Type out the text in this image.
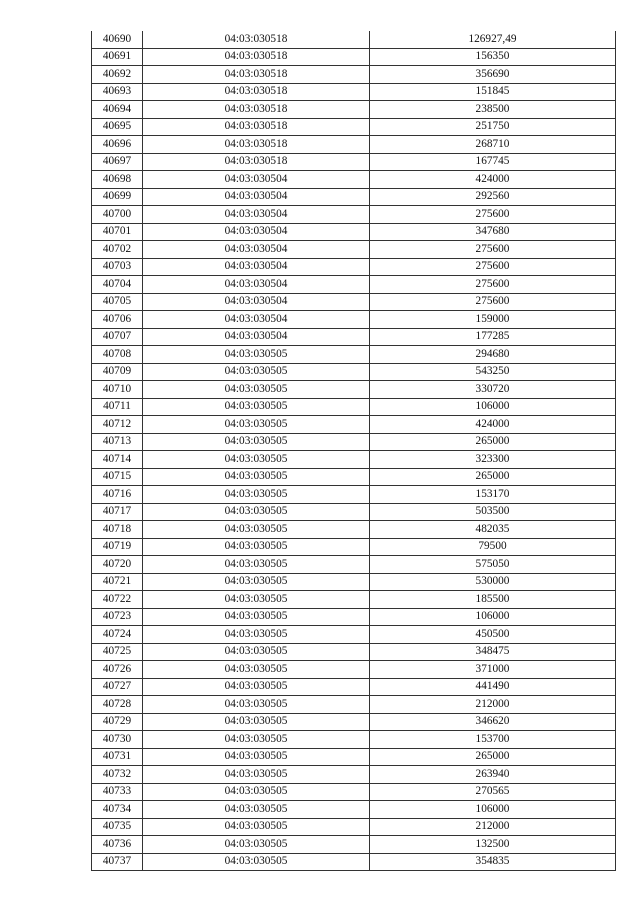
40690	04:03:030518	126927,49
40691	04:03:030518	156350
40692	04:03:030518	356690
40693	04:03:030518	151845
40694	04:03:030518	238500
40695	04:03:030518	251750
40696	04:03:030518	268710
40697	04:03:030518	167745
40698	04:03:030504	424000
40699	04:03:030504	292560
40700	04:03:030504	275600
40701	04:03:030504	347680
40702	04:03:030504	275600
40703	04:03:030504	275600
40704	04:03:030504	275600
40705	04:03:030504	275600
40706	04:03:030504	159000
40707	04:03:030504	177285
40708	04:03:030505	294680
40709	04:03:030505	543250
40710	04:03:030505	330720
40711	04:03:030505	106000
40712	04:03:030505	424000
40713	04:03:030505	265000
40714	04:03:030505	323300
40715	04:03:030505	265000
40716	04:03:030505	153170
40717	04:03:030505	503500
40718	04:03:030505	482035
40719	04:03:030505	79500
40720	04:03:030505	575050
40721	04:03:030505	530000
40722	04:03:030505	185500
40723	04:03:030505	106000
40724	04:03:030505	450500
40725	04:03:030505	348475
40726	04:03:030505	371000
40727	04:03:030505	441490
40728	04:03:030505	212000
40729	04:03:030505	346620
40730	04:03:030505	153700
40731	04:03:030505	265000
40732	04:03:030505	263940
40733	04:03:030505	270565
40734	04:03:030505	106000
40735	04:03:030505	212000
40736	04:03:030505	132500
40737	04:03:030505	354835
